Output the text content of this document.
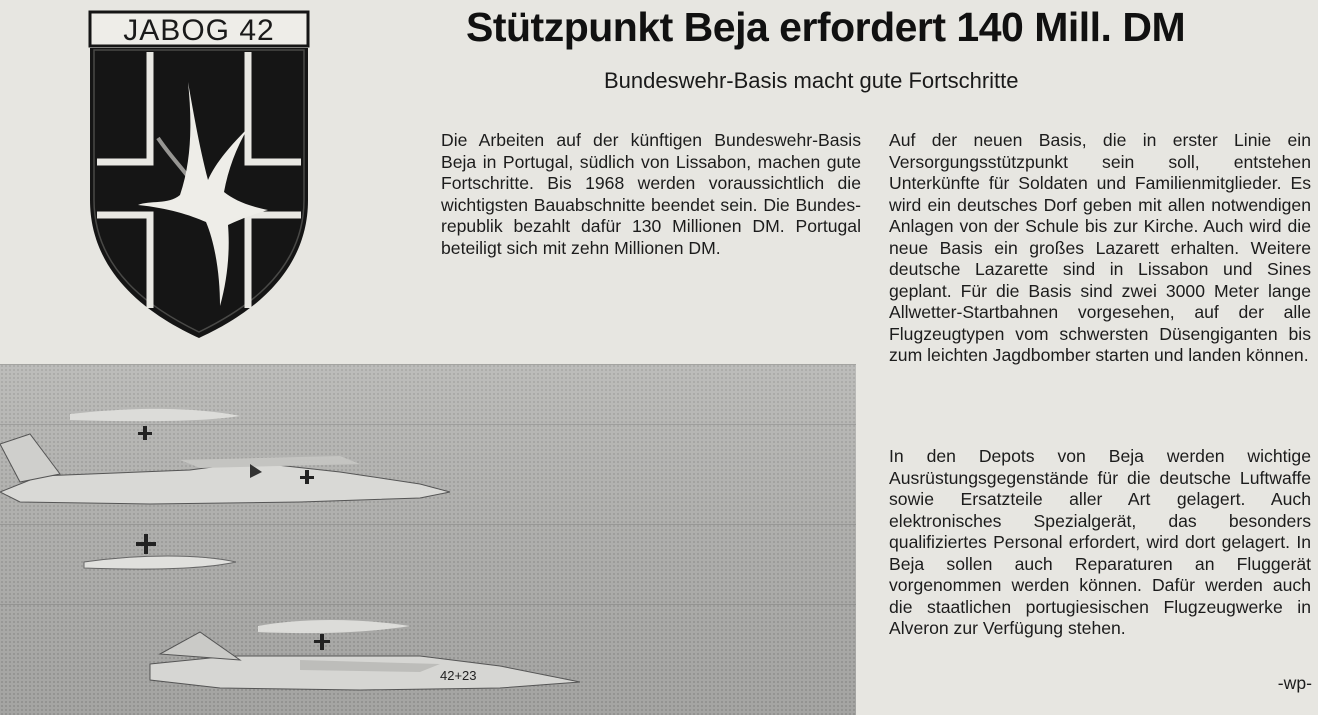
JABOG 42	Stützpunkt Beja erfordert 140 Mill. DM
Bundeswehr-Basis macht gute Fortschritte

Die Arbeiten auf der künftigen Bundeswehr-Basis Beja in Portugal, südlich von Lissabon, machen gute Fortschritte. Bis 1968 werden voraussichtlich die wichtigsten Bauabschnitte beendet sein. Die Bundesrepublik bezahlt dafür 130 Millionen DM. Portugal beteiligt sich mit zehn Millionen DM.

Auf der neuen Basis, die in erster Linie ein Versorgungsstützpunkt sein soll, entstehen Unterkünfte für Soldaten und Familienmitglieder. Es wird ein deutsches Dorf geben mit allen notwendigen Anlagen von der Schule bis zur Kirche. Auch wird die neue Basis ein großes Lazarett erhalten. Weitere deutsche Lazarette sind in Lissabon und Sines geplant. Für die Basis sind zwei 3000 Meter lange Allwetter-Startbahnen vorgesehen, auf der alle Flugzeugtypen vom schwersten Düsengiganten bis zum leichten Jagdbomber starten und landen können.

In den Depots von Beja werden wichtige Ausrüstungsgegenstände für die deutsche Luftwaffe sowie Ersatzteile aller Art gelagert. Auch elektronisches Spezialgerät, das besonders qualifiziertes Personal erfordert, wird dort gelagert. In Beja sollen auch Reparaturen an Fluggerät vorgenommen werden können. Dafür werden auch die staatlichen portugiesischen Flugzeugwerke in Alveron zur Verfügung stehen.

-wp-
42+23
